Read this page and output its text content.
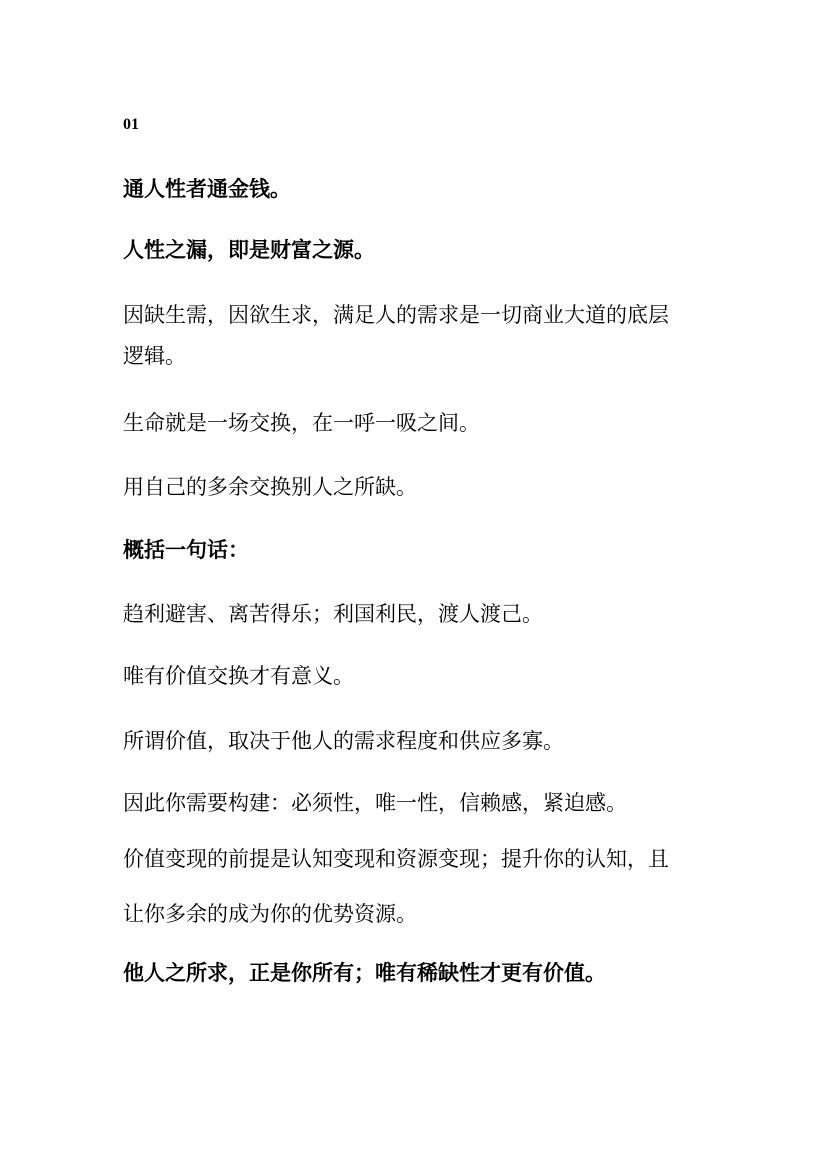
01
通人性者通金钱。
人性之漏，即是财富之源。
因缺生需，因欲生求，满足人的需求是一切商业大道的底层
逻辑。
生命就是一场交换，在一呼一吸之间。
用自己的多余交换别人之所缺。
概括一句话：
趋利避害、离苦得乐；利国利民，渡人渡己。
唯有价值交换才有意义。
所谓价值，取决于他人的需求程度和供应多寡。
因此你需要构建：必须性，唯一性，信赖感，紧迫感。
价值变现的前提是认知变现和资源变现；提升你的认知，且
让你多余的成为你的优势资源。
他人之所求，正是你所有；唯有稀缺性才更有价值。
